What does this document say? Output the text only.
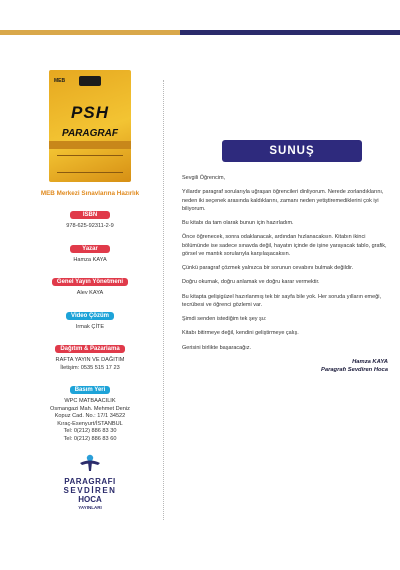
MEB
PSH
PARAGRAF
MEB Merkezi Sınavlarına Hazırlık
ISBN
978-625-92311-2-9
Yazar
Hamza KAYA
Genel Yayın Yönetmeni
Alev KAYA
Video Çözüm
Irmak ÇİTE
Dağıtım & Pazarlama
RAFTA YAYIN VE DAĞITIM
İletişim: 0535 515 17 23
Basım Yeri
WPC MATBAACILIK
Osmangazi Mah. Mehmet Deniz
Kopuz Cad. No.: 17/1 34522
Kıraç-Esenyurt/İSTANBUL
Tel: 0(212) 886 83 30
Tel: 0(212) 886 83 60
PARAGRAFI
SEVDİREN
HOCA
YAYINLARI
SUNUŞ

Sevgili Öğrencim,

Yıllardır paragraf sorularıyla uğraşan öğrencileri dinliyorum. Nerede zorlandıklarını, neden iki seçenek arasında kaldıklarını, zamanı neden yetiştiremediklerini çok iyi biliyorum.

Bu kitabı da tam olarak bunun için hazırladım.

Önce öğrenecek, sonra odaklanacak, ardından hızlanacaksın. Kitabın ikinci bölümünde ise sadece sınavda değil, hayatın içinde de işine yarayacak tablo, grafik, görsel ve mantık sorularıyla karşılaşacaksın.

Çünkü paragraf çözmek yalnızca bir sorunun cevabını bulmak değildir.

Doğru okumak, doğru anlamak ve doğru karar vermektir.

Bu kitapta gelişigüzel hazırlanmış tek bir sayfa bile yok. Her soruda yılların emeği, tecrübesi ve öğrenci gözlemi var.

Şimdi senden istediğim tek şey şu:

Kitabı bitirmeye değil, kendini geliştirmeye çalış.

Gerisini birlikte başaracağız.

Hamza KAYA
Paragrafı Sevdiren Hoca
